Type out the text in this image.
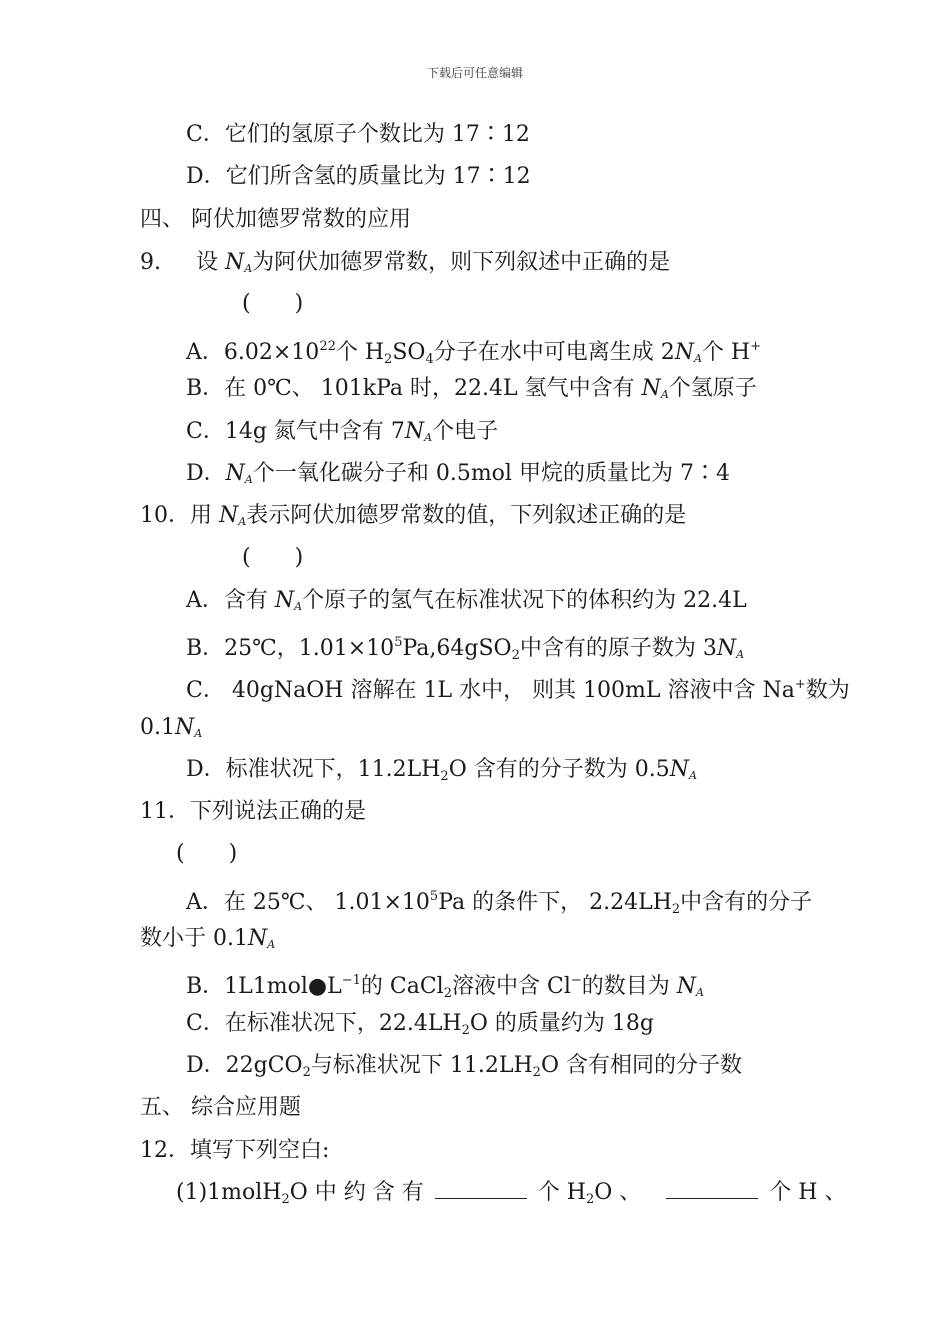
下载后可任意编辑
C．它们的氢原子个数比为 17∶12
D．它们所含氢的质量比为 17∶12
四、 阿伏加德罗常数的应用
9. 设 $N_A$为阿伏加德罗常数，则下列叙述中正确的是
(　　)
A．$6.02\times 10^{22}$个 $H_2SO_4$分子在水中可电离生成 $2N_A$个 H+
B．在 0℃、 101kPa 时，22.4L 氢气中含有 $N_A$个氢原子
C．14g 氮气中含有 $7N_A$个电子
D．$N_A$个一氧化碳分子和 0.5mol 甲烷的质量比为 7∶4
10．用 $N_A$表示阿伏加德罗常数的值，下列叙述正确的是
(　　)
A．含有 $N_A$个原子的氢气在标准状况下的体积约为 22.4L
B．25℃，$1.01\times 10^5Pa,64gSO_2$中含有的原子数为 $3N_A$
C． 40gNaOH 溶解在 1L 水中， 则其 100mL 溶液中含 Na+数为
$0.1N_A$
D．标准状况下，$11.2LH_2O$ 含有的分子数为 $0.5N_A$
11．下列说法正确的是
(　　)
A．在 25℃、 $1.01\times 10^5Pa$ 的条件下， $2.24LH_2$中含有的分子
数小于 $0.1N_A$
B．$1L1mol●L^{-1}$的 CaCl$_2$溶液中含 Cl−的数目为 $N_A$
C．在标准状况下，$22.4LH_2O$ 的质量约为 18g
D．22gCO$_2$与标准状况下 $11.2LH_2O$ 含有相同的分子数
五、 综合应用题
12．填写下列空白:
(1)1molH$_2$O 中 约 含 有	个 $H_2O$ 、	个 H 、
